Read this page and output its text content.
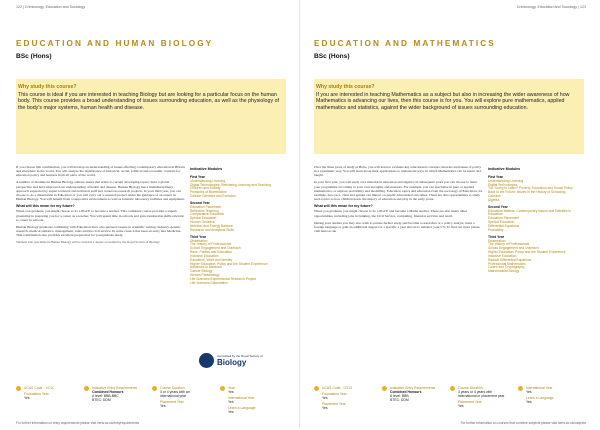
122 | Criminology, Education and Sociology
EDUCATION AND HUMAN BIOLOGY
BSc (Hons)
Why study this course?

This course is ideal if you are interested in teaching Biology but are looking for a particular focus on the human body. This course provides a broad understanding of issues surrounding education, as well as the physiology of the body's major systems, human health and disease.

If you choose this combination, you will develop an understanding of issues affecting contemporary education in Britain and elsewhere in the world. You will analyse the significance of historical, social, political and economic contexts for education policy and learners from all parts of the world.

A number of modules in Human Biology address issues that relate to current developing topics; have a global perspective and have improved our understanding of health and disease. Human Biology has a multidisciplinary approach supported by expert lecturers and technical staff and conserves research projects. In your third year, you can choose to do a dissertation in Education or you will carry out a research project under the guidance of an expert in Human Biology. You will benefit from a supportive environment as well as fantastic laboratory facilities and equipment.

What will this mean for my future?

When you graduate, you might choose to do a PGCE to become a teacher. This combined course provides a superb grounding in preparing you for a career as a teacher. You will spend time in schools and gain transferable skills relevant to career in schools.

Human Biology graduates combining with Education have also pursued careers in scientific writing, industry, genetic research, medical statistics, management, sales and the civil service. In some cases it has been an entry into Medicine. This combination also provides excellent preparation for postgraduate study.

Students who specialise in Human Biology will be awarded a degree accredited by the Royal Society of Biology.

Indicative Modules
First Year
Understanding Learning
Digital Technologies: Rethinking Learning and Teaching
Children and Society
Principles of Biomedicine
Cellular Genetics and Evolution
Second Year
Education Placement
Reflective Teaching
Comparative Education
Special Education
Human Genetics
Nutrition and Energy Balance
Research and Analytical Skills
Third Year
Dissertation
The History of Professionals
School Engagement and Outreach
Race, Politics and Education
Inclusive Education
Education, Work and Identity
Higher Education: Policy and the Student Experience
Advances in Medicine
Cancer Biology
Human Parasitology
Life Sciences Experimental Research Project
Life Sciences Dissertation
Accredited by the Royal Society of
Biology
UCAS Code - XC1C
Foundation Year
Yes
Indicative Entry Requirements
Combined Honours
A level: BBB-BBC
BTEC: DDM
Course Duration
3 or 4 years with an international year
Placement Year
Yes
Year
Yes
International Year
Yes
Learn a Language
Yes
For further information on entry requirements please visit herts.ac.uk/entryrequirements
Criminology, Education and Sociology | 123
EDUCATION AND MATHEMATICS
BSc (Hons)
Why study this course?

If you are interested in teaching Mathematics as a subject but also in increasing the wider awareness of how Mathematics is advancing our lives, then this course is for you. You will explore pure mathematics, applied mathematics and statistics, against the wider background of issues surrounding education.

Over the three years of study at Herts, you will learn to evaluate key educational concepts, theories and issues of policy in a systematic way. You will learn about their applications to understand ways in which Mathematics can be learnt and taught.

In your first year, you will study core material in education and algebra. In subsequent years you can choose to tailor your programme according to your own strengths and interests. For example, you can specialise in pure or applied mathematics, or explore probability and modelling. Education topics and education from the sociology of Education, for example, how race, class and gender can impact on pupils' educational outcomes. There are also opportunities to study such topics as how children learn, the history of education and play in the early years.

What will this mean for my future?

When you graduate, you might choose to do a PGCE and become a Maths teacher. There are also many other opportunities, including jobs in banking, the Civil Service, computing, financial services and retail.

During your studies you may also wish to pursue further study and become a researcher or a policy analyst, learn a foreign language or gain an additional degree for a specific a year abroad to enhance your CV. To find out more please visit herts.ac.uk

Indicative Modules
First Year
Understanding Learning
Digital Technologies
Too Young to Learn? Poverty, Education and Social Policy
Back to the Future: Issues in the History of Schooling
Calculus
Algebra
Second Year
Education Matters: Contemporary Issues and Debates in Education
Education Placement
Special Education
Differential Equations
Probability
Third Year
Dissertation
The History of Professionals
School Engagement and Outreach
Higher Education: Policy and the Student Experience
Inclusive Education
Radical Differential Equations
Professional Mathematics
Codes and Cryptography
Mathematical Biology
UCAS Code - GX13
Foundation Year
Yes
Placement Year
Yes
Indicative Entry Requirements
Combined Honours
A level: BBB
BTEC: DDM
Course Duration
3 years or 4 years with international or placement year
Placement Year
Yes
International Year
Yes
Learn a Language
Yes
For further information on courses that combine subjects please visit herts.ac.uk/subjects
